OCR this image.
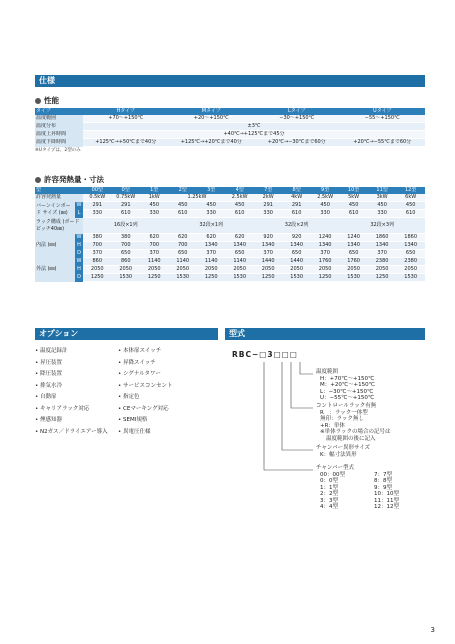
仕様
性能
タイプ	Hタイプ	Mタイプ	Lタイプ	Uタイプ
温度範囲	+70〜+150℃	+20〜+150℃	−30〜+150℃	−55〜+150℃
温度分布	±3℃			
温度上昇時間	+40℃→+125℃まで45分			
温度下降時間	+125℃→+50℃まで40分	+125℃→+20℃まで40分	+20℃→−30℃まで60分	+20℃→−55℃まで60分
※Uタイプは、2型のみ
許容発熱量・寸法
型		00型	0型	1型	2型	3型	4型	7型	8型	9型	10型	11型	12型
許容発熱量		0.5kW	0.75kW	1kW	1.25kW		2.5kW	2kW	4kW	2.5kW	5kW	3kW	6kW
バーンインボード サイズ (㎜)	W	291	291	450	450	450	450	291	291	450	450	450	450
	L	330	610	330	610	330	610	330	610	330	610	330	610
ラック構成 (ボードピッチ40㎜)		16段×1列			32段×1列			32段×2列			32段×3列		
内法 (㎜)	W	380	380	620	620	620	620	920	920	1240	1240	1860	1860
	H	700	700	700	700	1340	1340	1340	1340	1340	1340	1340	1340
	D	370	650	370	650	370	650	370	650	370	650	370	650
外法 (㎜)	W	860	860	1140	1140	1140	1140	1440	1440	1760	1760	2380	2380
	H	2050	2050	2050	2050	2050	2050	2050	2050	2050	2050	2050	2050
	D	1250	1530	1250	1530	1250	1530	1250	1530	1250	1530	1250	1530
オプション	型式
• 温度記録計
• 昇圧装置
• 降圧装置
• 排気水冷
• 自動扉
• キャリアラック対応
• 煙感知器
• N2ガス／ドライエアー導入
• 本体扉スイッチ
• 昇降スイッチ
• シグナルタワー
• サービスコンセント
• 指定色
• CEマーキング対応
• SEMI規格
• 異電圧仕様
RBC−□3□□□
温度範囲
H：+70℃〜+150℃
M：+20℃〜+150℃
L：−30℃〜+150℃
U：−55℃〜+150℃
コントロールラック有無
R　：ラック一体型
無印：ラック無し
+R：単体
※単体ラックの場合の記号は
温度範囲の後に記入
チャンバー異形サイズ
K：幅寸法異形
チャンバー型式
00：00型
0：0型
1：1型
2：2型
3：3型
4：4型
7：7型
8：8型
9：9型
10：10型
11：11型
12：12型
3
